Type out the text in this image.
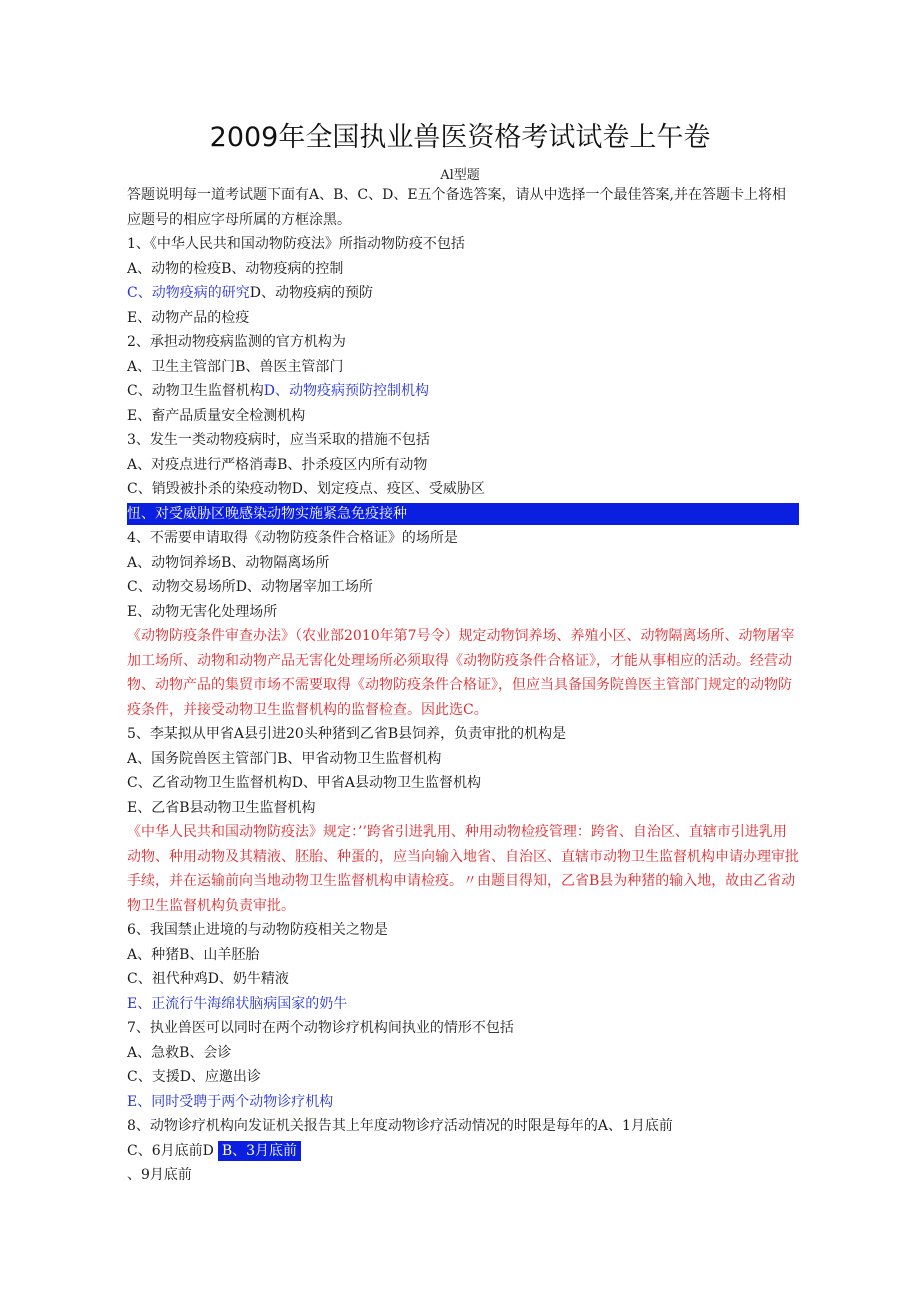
2009年全国执业兽医资格考试试卷上午卷
Al型题
答题说明每一道考试题下面有A、B、C、D、E五个备选答案，请从中选择一个最佳答案,并在答题卡上将相应题号的相应字母所属的方框涂黑。
1、《中华人民共和国动物防疫法》所指动物防疫不包括
A、动物的检疫B、动物疫病的控制
C、动物疫病的研究D、动物疫病的预防
E、动物产品的检疫
2、承担动物疫病监测的官方机构为
A、卫生主管部门B、兽医主管部门
C、动物卫生监督机构D、动物疫病预防控制机构
E、畜产品质量安全检测机构
3、发生一类动物疫病时，应当采取的措施不包括
A、对疫点进行严格消毒B、扑杀疫区内所有动物
C、销毁被扑杀的染疫动物D、划定疫点、疫区、受威胁区
忸、对受威胁区晚感染动物实施紧急免疫接种
4、不需要申请取得《动物防疫条件合格证》的场所是
A、动物饲养场B、动物隔离场所
C、动物交易场所D、动物屠宰加工场所
E、动物无害化处理场所
《动物防疫条件审查办法》（农业部2010年第7号令）规定动物饲养场、养殖小区、动物隔离场所、动物屠宰加工场所、动物和动物产品无害化处理场所必须取得《动物防疫条件合格证》，才能从事相应的活动。经营动物、动物产品的集贸市场不需要取得《动物防疫条件合格证》，但应当具备国务院兽医主管部门规定的动物防疫条件，并接受动物卫生监督机构的监督检查。因此选C。
5、李某拟从甲省A县引进20头种猪到乙省B县饲养，负责审批的机构是
A、国务院兽医主管部门B、甲省动物卫生监督机构
C、乙省动物卫生监督机构D、甲省A县动物卫生监督机构
E、乙省B县动物卫生监督机构
《中华人民共和国动物防疫法》规定：’’跨省引进乳用、种用动物检疫管理：跨省、自治区、直辖市引进乳用动物、种用动物及其精液、胚胎、种蛋的，应当向输入地省、自治区、直辖市动物卫生监督机构申请办理审批手续，并在运输前向当地动物卫生监督机构申请检疫。〃由题目得知，乙省B县为种猪的输入地，故由乙省动物卫生监督机构负责审批。
6、我国禁止进境的与动物防疫相关之物是
A、种猪B、山羊胚胎
C、祖代种鸡D、奶牛精液
E、正流行牛海绵状脑病国家的奶牛
7、执业兽医可以同时在两个动物诊疗机构间执业的情形不包括
A、急救B、会诊
C、支援D、应邀出诊
E、同时受聘于两个动物诊疗机构
8、动物诊疗机构向发证机关报告其上年度动物诊疗活动情况的时限是每年的A、1月底前
C、6月底前D B、3月底前
、9月底前
